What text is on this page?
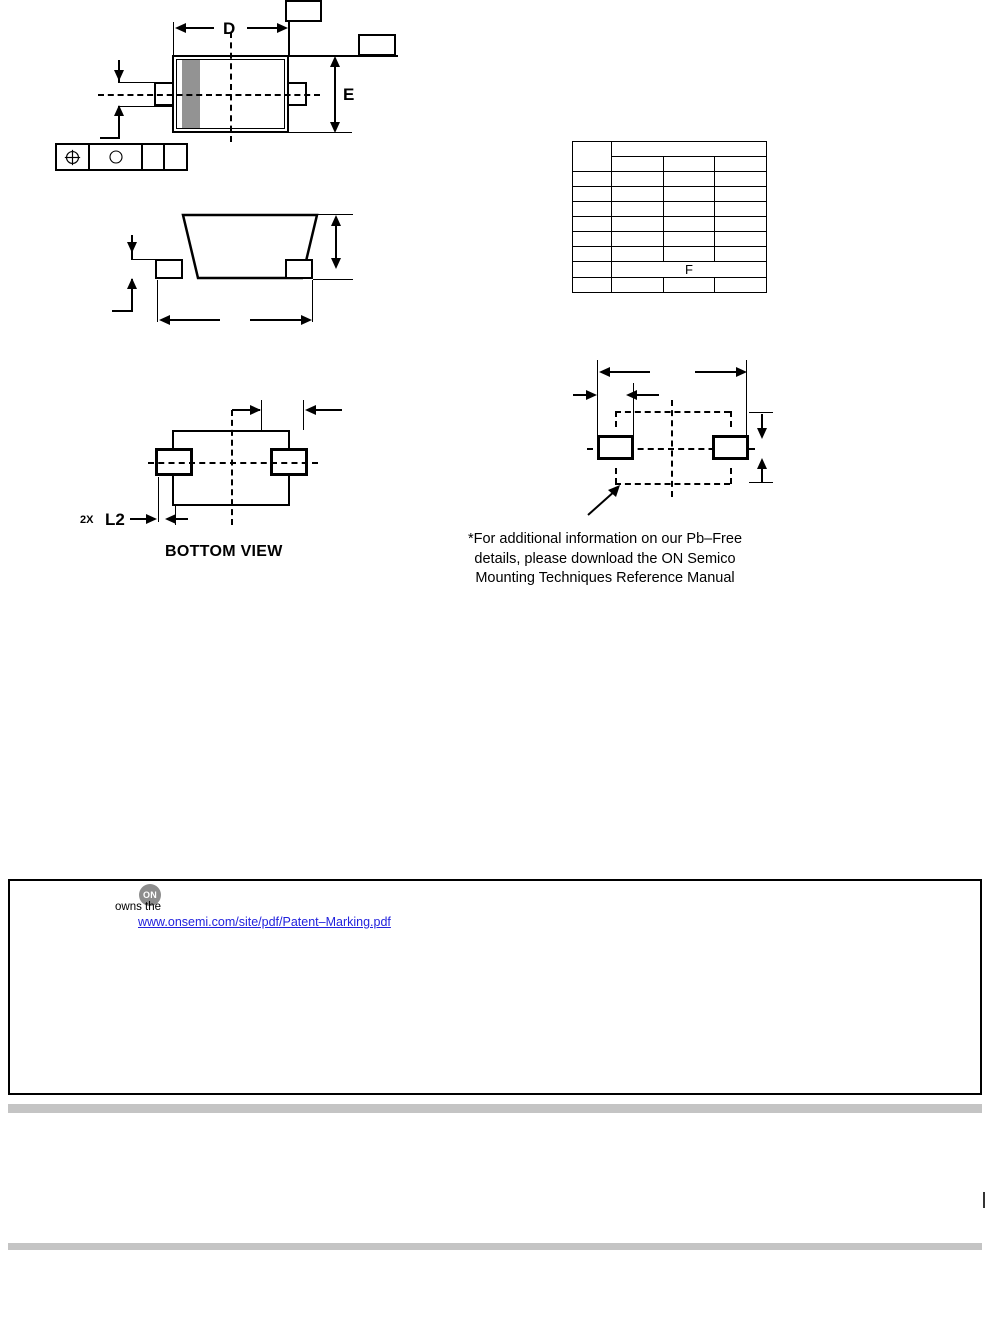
D
E
2X L2
BOTTOM VIEW

	F		

*For additional information on our Pb–Free
details, please download the ON Semico
Mounting Techniques Reference Manual
ON
owns the
www.onsemi.com/site/pdf/Patent–Marking.pdf
